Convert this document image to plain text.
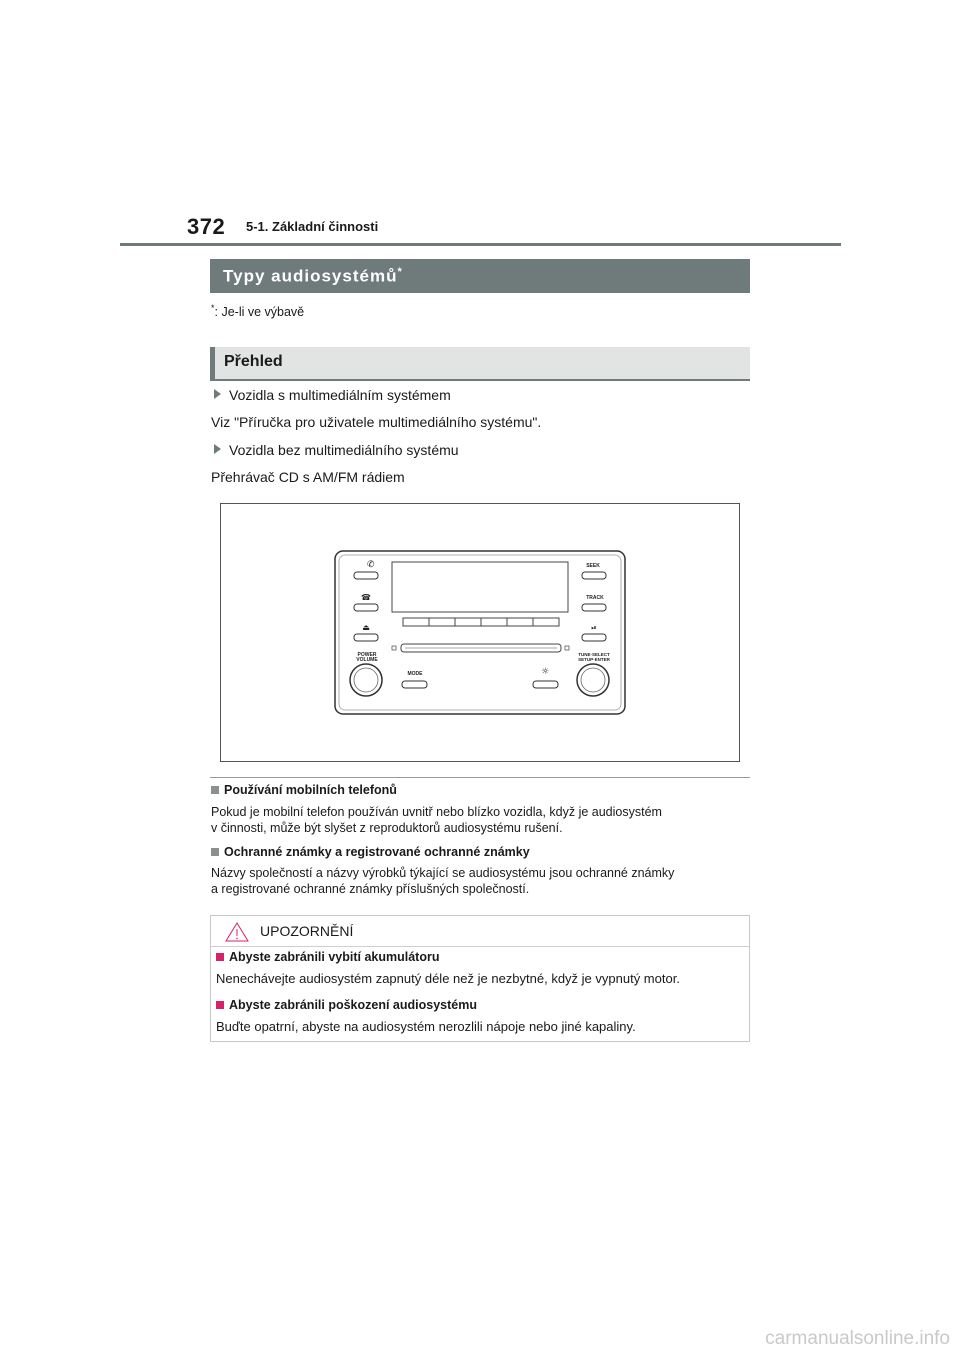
372 5-1. Základní činnosti
Typy audiosystémů*
*: Je-li ve výbavě
Přehled
Vozidla s multimediálním systémem
Viz "Příručka pro uživatele multimediálního systému".
Vozidla bez multimediálního systému
Přehrávač CD s AM/FM rádiem
✆
☎
⏏
POWER
VOLUME
MODE
SEEK
TRACK
⏯
TUNE·SELECT
SETUP·ENTER
☼
Používání mobilních telefonů
Pokud je mobilní telefon používán uvnitř nebo blízko vozidla, když je audiosystém
v činnosti, může být slyšet z reproduktorů audiosystému rušení.
Ochranné známky a registrované ochranné známky
Názvy společností a názvy výrobků týkající se audiosystému jsou ochranné známky
a registrované ochranné známky příslušných společností.
UPOZORNĚNÍ
Abyste zabránili vybití akumulátoru
Nenechávejte audiosystém zapnutý déle než je nezbytné, když je vypnutý motor.
Abyste zabránili poškození audiosystému
Buďte opatrní, abyste na audiosystém nerozlili nápoje nebo jiné kapaliny.
carmanualsonline.info
